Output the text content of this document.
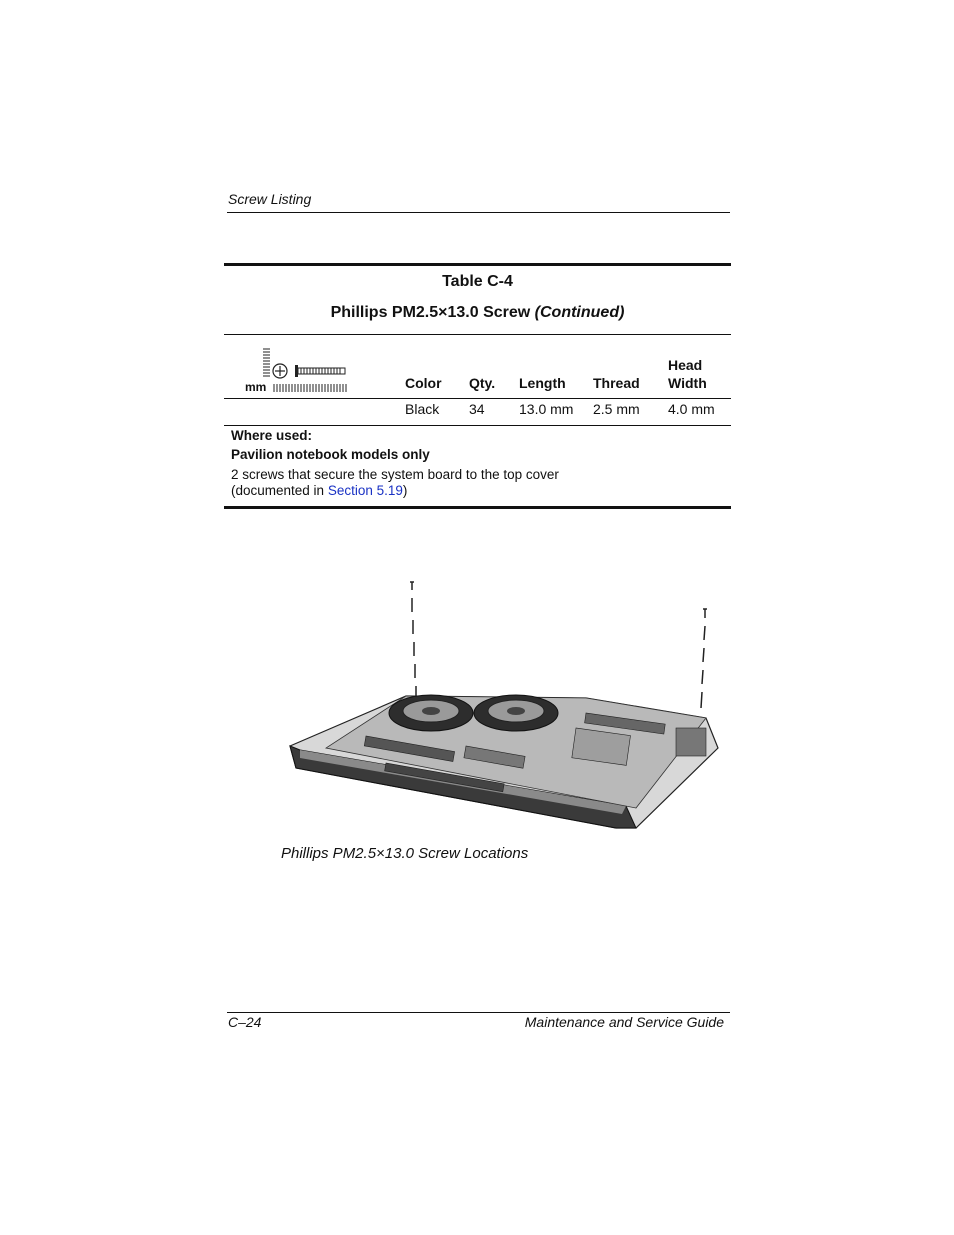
Screw Listing
Table C-4
Phillips PM2.5×13.0 Screw (Continued)
mm	Color Qty. Length Thread
Head
Width
Black 34 13.0 mm 2.5 mm 4.0 mm
Where used:
Pavilion notebook models only
2 screws that secure the system board to the top cover
(documented in Section 5.19)
Phillips PM2.5×13.0 Screw Locations
C–24	Maintenance and Service Guide
